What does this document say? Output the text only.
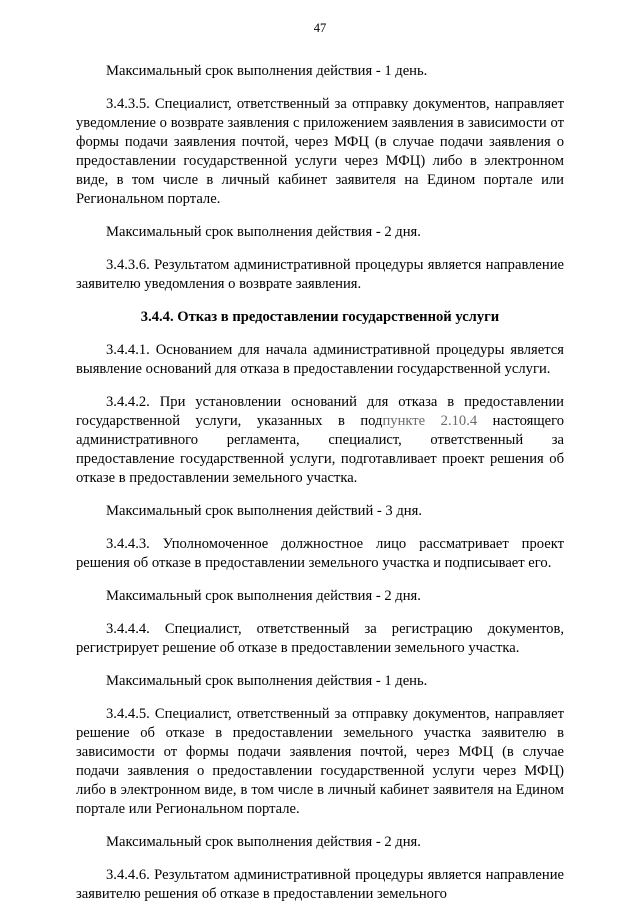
47

Максимальный срок выполнения действия - 1 день.

3.4.3.5. Специалист, ответственный за отправку документов, направляет уведомление о возврате заявления с приложением заявления в зависимости от формы подачи заявления почтой, через МФЦ (в случае подачи заявления о предоставлении государственной услуги через МФЦ) либо в электронном виде, в том числе в личный кабинет заявителя на Едином портале или Региональном портале.

Максимальный срок выполнения действия - 2 дня.

3.4.3.6. Результатом административной процедуры является направление заявителю уведомления о возврате заявления.

3.4.4. Отказ в предоставлении государственной услуги

3.4.4.1. Основанием для начала административной процедуры является выявление оснований для отказа в предоставлении государственной услуги.

3.4.4.2. При установлении оснований для отказа в предоставлении государственной услуги, указанных в подпункте 2.10.4 настоящего административного регламента, специалист, ответственный за предоставление государственной услуги, подготавливает проект решения об отказе в предоставлении земельного участка.

Максимальный срок выполнения действий - 3 дня.

3.4.4.3. Уполномоченное должностное лицо рассматривает проект решения об отказе в предоставлении земельного участка и подписывает его.

Максимальный срок выполнения действия - 2 дня.

3.4.4.4. Специалист, ответственный за регистрацию документов, регистрирует решение об отказе в предоставлении земельного участка.

Максимальный срок выполнения действия - 1 день.

3.4.4.5. Специалист, ответственный за отправку документов, направляет решение об отказе в предоставлении земельного участка заявителю в зависимости от формы подачи заявления почтой, через МФЦ (в случае подачи заявления о предоставлении государственной услуги через МФЦ) либо в электронном виде, в том числе в личный кабинет заявителя на Едином портале или Региональном портале.

Максимальный срок выполнения действия - 2 дня.

3.4.4.6. Результатом административной процедуры является направление заявителю решения об отказе в предоставлении земельного
